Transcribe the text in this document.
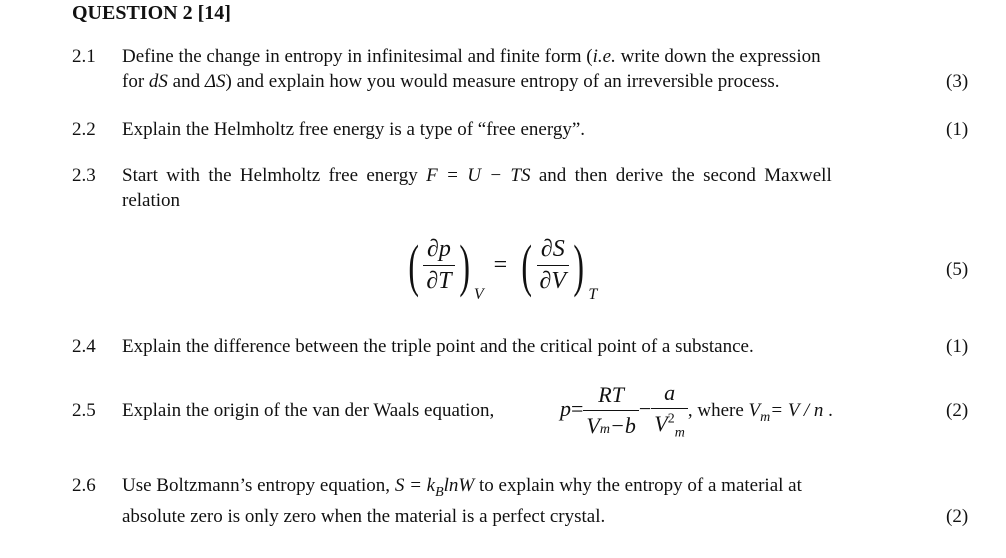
QUESTION 2 [14]
2.1 Define the change in entropy in infinitesimal and finite form (i.e. write down the expression
for dS and ΔS) and explain how you would measure entropy of an irreversible process.	(3)
2.2 Explain the Helmholtz free energy is a type of “free energy”.	(1)
2.3 Start with the Helmholtz free energy F = U − TS and then derive the second Maxwell
relation
( $\frac{\partial p}{\partial T}$ ) $_V$ = ( $\frac{\partial S}{\partial V}$ ) $_T$
(5)
2.4 Explain the difference between the triple point and the critical point of a substance.	(1)
2.5 Explain the origin of the van der Waals equation,	$p= \frac{RT}{Vm-b} - \frac{a}{V^2_m}$ , where $V_m= V / n$ .	(2)
2.6 Use Boltzmann’s entropy equation, $S = k_B\ln W$ to explain why the entropy of a material at
absolute zero is only zero when the material is a perfect crystal.	(2)
